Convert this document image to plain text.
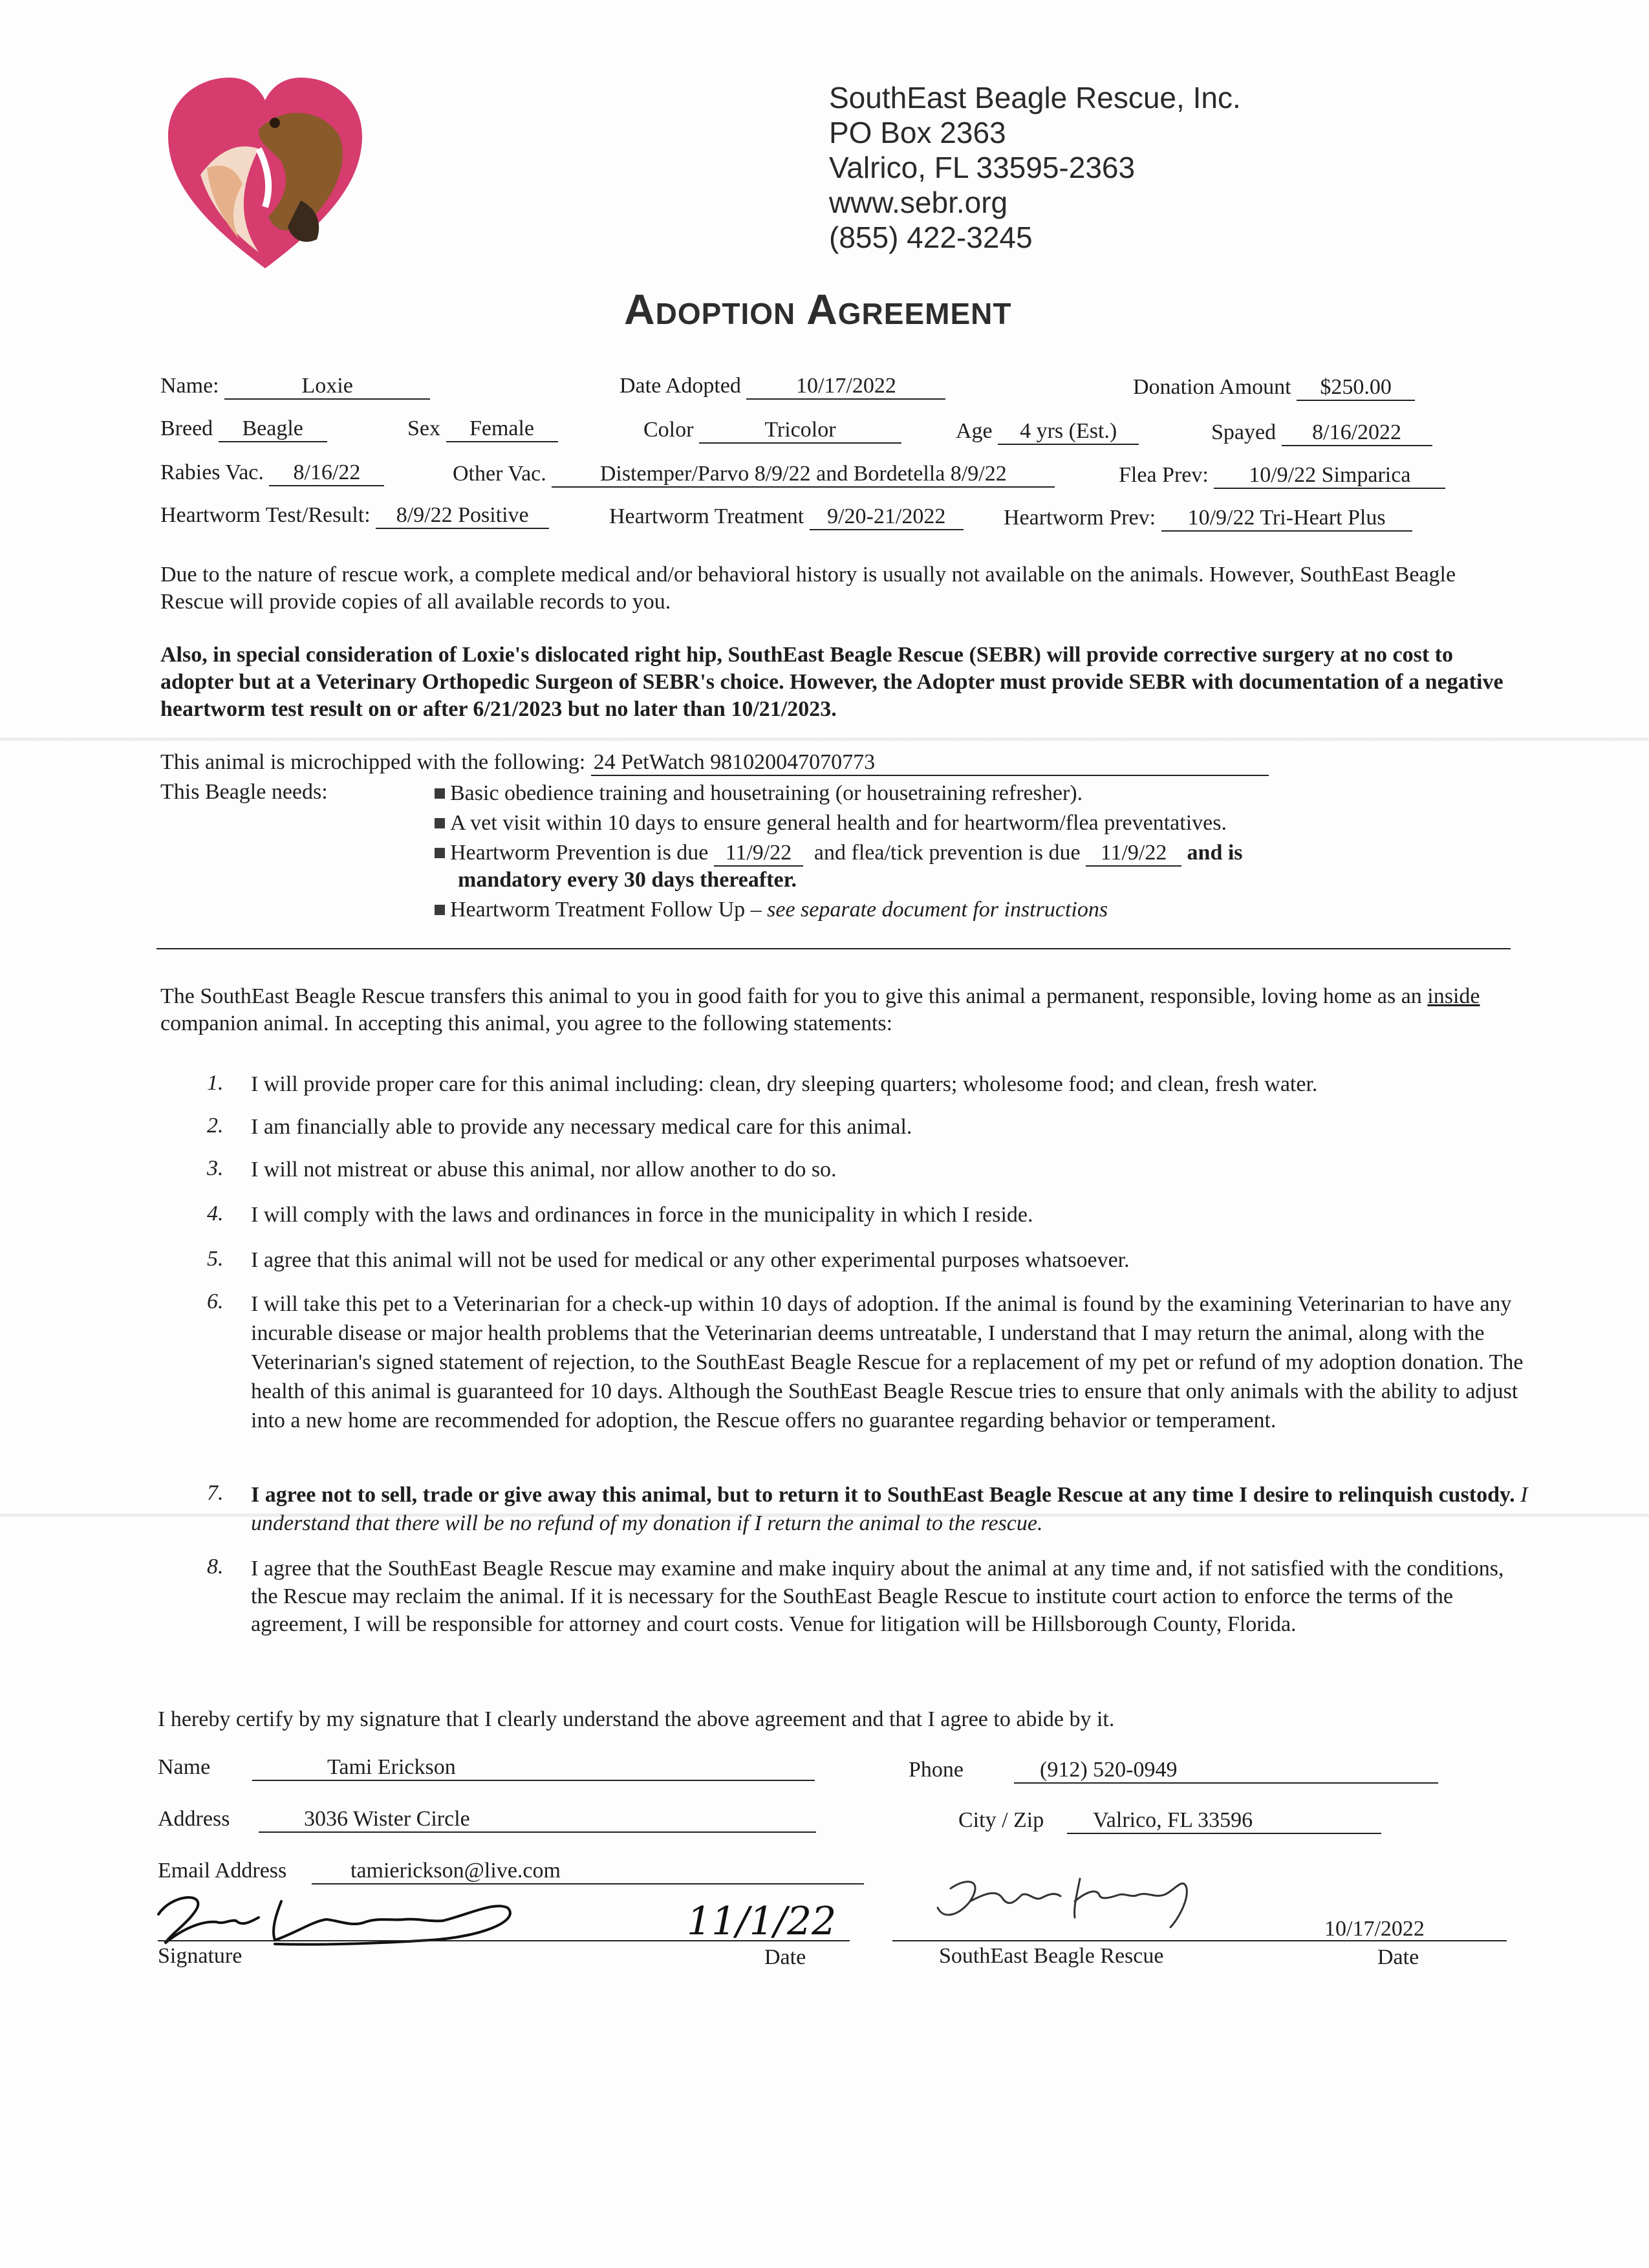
SouthEast Beagle Rescue, Inc.
PO Box 2363
Valrico, FL 33595-2363
www.sebr.org
(855) 422-3245
Adoption Agreement
Name:	Loxie	Date Adopted	10/17/2022	Donation Amount $250.00
Breed Beagle	Sex Female	Color	Tricolor	Age 4 yrs (Est.)	Spayed 8/16/2022
Rabies Vac. 8/16/22	Other Vac. Distemper/Parvo 8/9/22 and Bordetella 8/9/22	Flea Prev: 10/9/22 Simparica
Heartworm Test/Result: 8/9/22 Positive	Heartworm Treatment 9/20-21/2022	Heartworm Prev: 10/9/22 Tri-Heart Plus
Due to the nature of rescue work, a complete medical and/or behavioral history is usually not available on the animals. However, SouthEast Beagle Rescue will provide copies of all available records to you.
Also, in special consideration of Loxie's dislocated right hip, SouthEast Beagle Rescue (SEBR) will provide corrective surgery at no cost to adopter but at a Veterinary Orthopedic Surgeon of SEBR's choice. However, the Adopter must provide SEBR with documentation of a negative heartworm test result on or after 6/21/2023 but no later than 10/21/2023.
This animal is microchipped with the following: 24 PetWatch 981020047070773
This Beagle needs:	Basic obedience training and housetraining (or housetraining refresher).
A vet visit within 10 days to ensure general health and for heartworm/flea preventatives.
Heartworm Prevention is due 11/9/22 and flea/tick prevention is due 11/9/22 and is
mandatory every 30 days thereafter.
Heartworm Treatment Follow Up – see separate document for instructions
The SouthEast Beagle Rescue transfers this animal to you in good faith for you to give this animal a permanent, responsible, loving home as an inside companion animal. In accepting this animal, you agree to the following statements:
1. I will provide proper care for this animal including: clean, dry sleeping quarters; wholesome food; and clean, fresh water.
2. I am financially able to provide any necessary medical care for this animal.
3. I will not mistreat or abuse this animal, nor allow another to do so.
4. I will comply with the laws and ordinances in force in the municipality in which I reside.
5. I agree that this animal will not be used for medical or any other experimental purposes whatsoever.
6. I will take this pet to a Veterinarian for a check-up within 10 days of adoption. If the animal is found by the examining Veterinarian to have any incurable disease or major health problems that the Veterinarian deems untreatable, I understand that I may return the animal, along with the Veterinarian's signed statement of rejection, to the SouthEast Beagle Rescue for a replacement of my pet or refund of my adoption donation. The health of this animal is guaranteed for 10 days. Although the SouthEast Beagle Rescue tries to ensure that only animals with the ability to adjust into a new home are recommended for adoption, the Rescue offers no guarantee regarding behavior or temperament.
7. I agree not to sell, trade or give away this animal, but to return it to SouthEast Beagle Rescue at any time I desire to relinquish custody. I understand that there will be no refund of my donation if I return the animal to the rescue.
8. I agree that the SouthEast Beagle Rescue may examine and make inquiry about the animal at any time and, if not satisfied with the conditions, the Rescue may reclaim the animal. If it is necessary for the SouthEast Beagle Rescue to institute court action to enforce the terms of the agreement, I will be responsible for attorney and court costs. Venue for litigation will be Hillsborough County, Florida.
I hereby certify by my signature that I clearly understand the above agreement and that I agree to abide by it.
Name	Tami Erickson	Phone	(912) 520-0949
Address	3036 Wister Circle	City / Zip	Valrico, FL 33596
Email Address	tamierickson@live.com
11/1/22
Signature	Date
10/17/2022
SouthEast Beagle Rescue	Date
